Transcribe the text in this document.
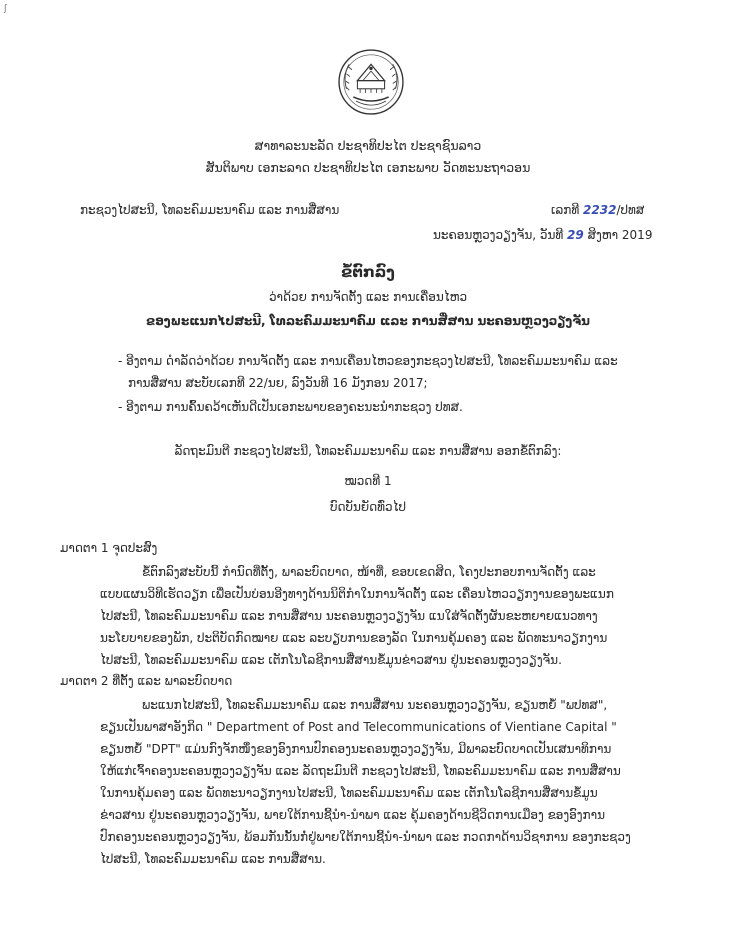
ʃ
ສາທາລະນະລັດ ປະຊາທິປະໄຕ ປະຊາຊົນລາວ
ສັນຕິພາບ ເອກະລາດ ປະຊາທິປະໄຕ ເອກະພາບ ວັດທະນະຖາວອນ
ກະຊວງໄປສະນີ, ໂທລະຄົມມະນາຄົມ ແລະ ການສື່ສານ	ເລກທີ 2232/ປທສ
ນະຄອນຫຼວງວຽງຈັນ, ວັນທີ 29 ສິງຫາ 2019
ຂໍ້ຕົກລົງ
ວ່າດ້ວຍ ການຈັດຕັ້ງ ແລະ ການເຄື່ອນໄຫວ
ຂອງພະແນກໄປສະນີ, ໂທລະຄົມມະນາຄົມ ແລະ ການສື່ສານ ນະຄອນຫຼວງວຽງຈັນ
- ອີງຕາມ ດຳລັດວ່າດ້ວຍ ການຈັດຕັ້ງ ແລະ ການເຄື່ອນໄຫວຂອງກະຊວງໄປສະນີ, ໂທລະຄົມມະນາຄົມ ແລະ
ການສື່ສານ ສະບັບເລກທີ 22/ນຍ, ລົງວັນທີ 16 ມັງກອນ 2017;
- ອີງຕາມ ການຄົ້ນຄວ້າເຫັນດີເປັນເອກະພາບຂອງຄະນະນຳກະຊວງ ປທສ.
ລັດຖະມົນຕີ ກະຊວງໄປສະນີ, ໂທລະຄົມມະນາຄົມ ແລະ ການສື່ສານ ອອກຂໍ້ຕົກລົງ:
ໝວດທີ 1
ບົດບັນຍັດທົ່ວໄປ
ມາດຕາ 1 ຈຸດປະສົງ
ຂໍ້ຕົກລົງສະບັບນີ້ ກຳນົດທີ່ຕັ້ງ, ພາລະບົດບາດ, ໜ້າທີ່, ຂອບເຂດສິດ, ໂຄງປະກອບການຈັດຕັ້ງ ແລະ
ແບບແຜນວິທີເຮັດວຽກ ເພື່ອເປັນບ່ອນອີງທາງດ້ານນິຕິກຳໃນການຈັດຕັ້ງ ແລະ ເຄື່ອນໄຫວວຽກງານຂອງພະແນກ
ໄປສະນີ, ໂທລະຄົມມະນາຄົມ ແລະ ການສື່ສານ ນະຄອນຫຼວງວຽງຈັນ ແນໃສ່ຈັດຕັ້ງຜັນຂະຫຍາຍແນວທາງ
ນະໂຍບາຍຂອງພັກ, ປະຕິບັດກົດໝາຍ ແລະ ລະບຽບການຂອງລັດ ໃນການຄຸ້ມຄອງ ແລະ ພັດທະນາວຽກງານ
ໄປສະນີ, ໂທລະຄົມມະນາຄົມ ແລະ ເຕັກໂນໂລຊີການສື່ສານຂໍ້ມູນຂ່າວສານ ຢູ່ນະຄອນຫຼວງວຽງຈັນ.
ມາດຕາ 2 ທີ່ຕັ້ງ ແລະ ພາລະບົດບາດ
ພະແນກໄປສະນີ, ໂທລະຄົມມະນາຄົມ ແລະ ການສື່ສານ ນະຄອນຫຼວງວຽງຈັນ, ຂຽນຫຍໍ້ "ພປທສ",
ຂຽນເປັນພາສາອັງກິດ " Department of Post and Telecommunications of Vientiane Capital "
ຂຽນຫຍໍ້ "DPT" ແມ່ນກົງຈັກໜຶ່ງຂອງອົງການປົກຄອງນະຄອນຫຼວງວຽງຈັນ, ມີພາລະບົດບາດເປັນເສນາທິການ
ໃຫ້ແກ່ເຈົ້າຄອງນະຄອນຫຼວງວຽງຈັນ ແລະ ລັດຖະມົນຕີ ກະຊວງໄປສະນີ, ໂທລະຄົມມະນາຄົມ ແລະ ການສື່ສານ
ໃນການຄຸ້ມຄອງ ແລະ ພັດທະນາວຽກງານໄປສະນີ, ໂທລະຄົມມະນາຄົມ ແລະ ເຕັກໂນໂລຊີການສື່ສານຂໍ້ມູນ
ຂ່າວສານ ຢູ່ນະຄອນຫຼວງວຽງຈັນ, ພາຍໃຕ້ການຊີ້ນຳ-ນຳພາ ແລະ ຄຸ້ມຄອງດ້ານຊີວິດການເມືອງ ຂອງອົງການ
ປົກຄອງນະຄອນຫຼວງວຽງຈັນ, ພ້ອມກັນນັ້ນກໍ່ຢູ່ພາຍໃຕ້ການຊີ້ນຳ-ນຳພາ ແລະ ກວດກາດ້ານວິຊາການ ຂອງກະຊວງ
ໄປສະນີ, ໂທລະຄົມມະນາຄົມ ແລະ ການສື່ສານ.
